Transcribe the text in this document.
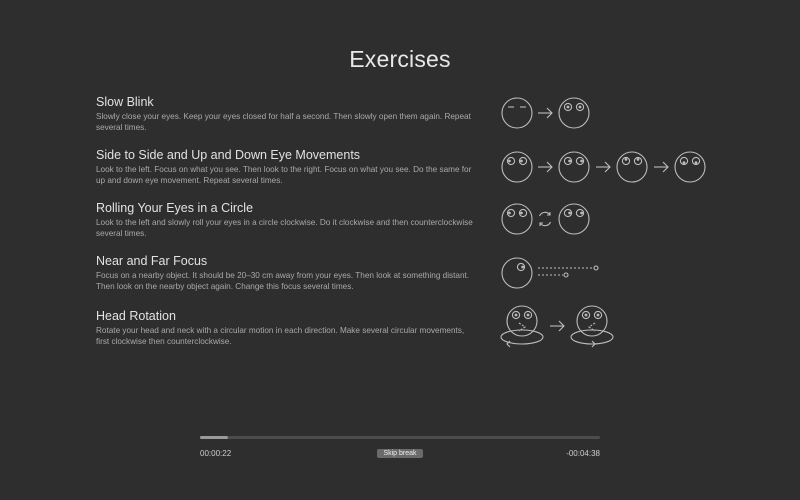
Exercises
Slow Blink
Slowly close your eyes. Keep your eyes closed for half a second. Then slowly open them again. Repeat several times.
Side to Side and Up and Down Eye Movements
Look to the left. Focus on what you see. Then look to the right. Focus on what you see. Do the same for up and down eye movement. Repeat several times.
Rolling Your Eyes in a Circle
Look to the left and slowly roll your eyes in a circle clockwise. Do it clockwise and then counterclockwise several times.
Near and Far Focus
Focus on a nearby object. It should be 20–30 cm away from your eyes. Then look at something distant. Then look on the nearby object again. Change this focus several times.
Head Rotation
Rotate your head and neck with a circular motion in each direction. Make several circular movements, first clockwise then counterclockwise.
00:00:22	Skip break	-00:04:38
